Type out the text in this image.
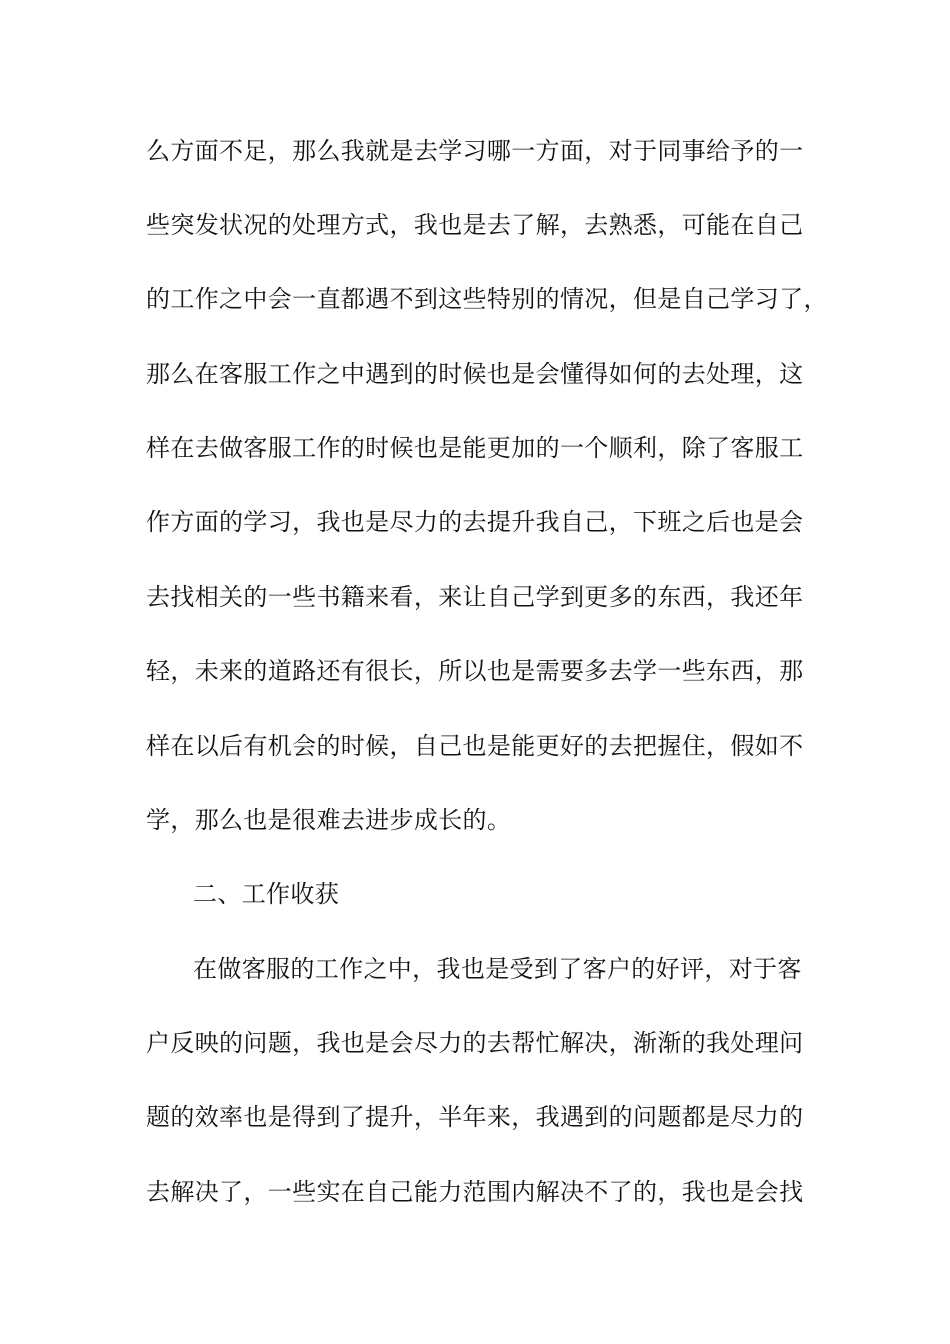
么方面不足，那么我就是去学习哪一方面，对于同事给予的一
些突发状况的处理方式，我也是去了解，去熟悉，可能在自己
的工作之中会一直都遇不到这些特别的情况，但是自己学习了，
那么在客服工作之中遇到的时候也是会懂得如何的去处理，这
样在去做客服工作的时候也是能更加的一个顺利，除了客服工
作方面的学习，我也是尽力的去提升我自己，下班之后也是会
去找相关的一些书籍来看，来让自己学到更多的东西，我还年
轻，未来的道路还有很长，所以也是需要多去学一些东西，那
样在以后有机会的时候，自己也是能更好的去把握住，假如不
学，那么也是很难去进步成长的。
二、工作收获
在做客服的工作之中，我也是受到了客户的好评，对于客
户反映的问题，我也是会尽力的去帮忙解决，渐渐的我处理问
题的效率也是得到了提升，半年来，我遇到的问题都是尽力的
去解决了，一些实在自己能力范围内解决不了的，我也是会找
